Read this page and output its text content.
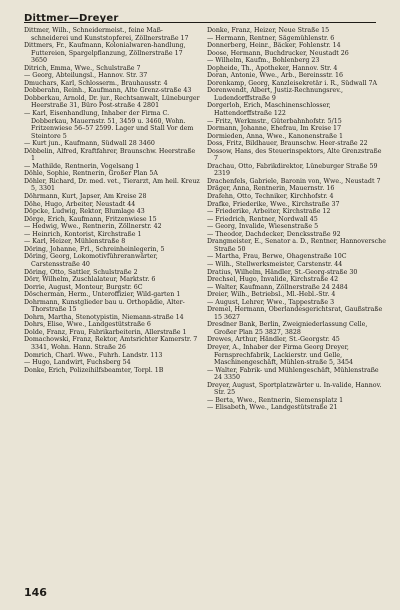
Dittmer—Dreyer
Dittmer, Wilh., Schneidermeist., feine Maß-schneiderei und Kunststopferei, Zöllnerstraße 17
Dittmers, Fr., Kaufmann, Kolonialwaren-handlung, Futtereien, Spargelpflanzung, Zöllnerstraße 17 3650
Ditrich, Emma, Wwe., Schulstraße 7
— Georg, Abteilungsl., Hannov. Str. 37
Dmuchars, Karl, Schlosserm., Brauhausstr. 4
Dobberahn, Reinh., Kaufmann, Alte Grenz-straße 43
Dobberkau, Arnold, Dr. jur., Rechtsanwalt, Lüneburger Heerstraße 31, Büro Post-straße 4 2801
— Karl, Eisenhandlung, Inhaber der Firma C. Dobberkau, Mauernstr. 51, 3459 u. 3460, Wohn. Fritzenwiese 56–57 2599. Lager und Stall Vor dem Steintore 5
— Kurt jun., Kaufmann, Südwall 28 3460
Döbbelin, Alfred, Kraftfahrer, Braunschw. Heerstraße 1
— Mathilde, Rentnerin, Vogelsang 1
Döhle, Sophie, Rentnerin, Großer Plan 5A
Döhler, Richard, Dr. med. vet., Tierarzt, Am heil. Kreuz 5, 3301
Döhrmann, Kurt, Japser, Am Kreise 28
Döhe, Hugo, Arbeiter, Neustadt 44
Döpcke, Ludwig, Rektor, Blumlage 43
Dörge, Erich, Kaufmann, Fritzenwiese 15
— Hedwig, Wwe., Rentnerin, Zöllnerstr. 42
— Heinrich, Kontorist, Kirchstraße 1
— Karl, Heizer, Mühlenstraße 8
Döring, Johanne, Frl., Schreinheinlegerin, 5
Döring, Georg, Lokomotivführeranwärter, Carstensstraße 40
Döring, Otto, Sattler, Schulstraße 2
Dörr, Wilhelm, Zuschlalateur, Marktstr. 6
Dorrie, August, Monteur, Burgstr. 6C
Döscherman, Herm., Unteroffizier, Wild-garten 1
Dohrmann, Kunstglieder bau u. Orthopädie, Alter-Thorstraße 15
Dohrn, Martha, Stenotypistin, Niemann-straße 14
Dohrs, Elise, Wwe., Landgestütstraße 6
Dolde, Franz, Frau, Fabrikarbeiterin, Allerstraße 1
Domachowski, Franz, Rektor, Amtsrichter Kamerstr. 7 3341, Wohn. Hann. Straße 26
Domrich, Charl. Wwe., Fuhrh. Landstr. 113
— Hugo, Landwirt, Fuchsberg 54
Donke, Erich, Polizeihilfsbeamter, Torpl. 1B
Donke, Franz, Heizer, Neue Straße 15
— Hermann, Rentner, Sägemühlenstr. 6
Donnerberg, Heinr., Bäcker, Fohlenstr. 14
Doose, Hermann, Buchdrucker, Neustadt 26
— Wilhelm, Kaufm., Bohlenberg 23
Dopheide, Th., Apotheker, Hannov. Str. 4
Doran, Antonie, Wwe., Arb., Bereinsstr. 16
Dorenkamp, Georg, Kanzleisekretär i. R., Südwall 7A
Dorenwendt, Albert, Justiz-Rechnungsrev., Ludendorffstraße 9
Dorgerloh, Erich, Maschinenschlosser, Hattendorffstraße 122
— Fritz, Werkmstr., Güterbahnhofstr. 5/15
Dormann, Johanne, Ehefrau, Im Kreise 17
Dormieden, Anna, Wwe., Kanonenstraße 1
Doss, Fritz, Bildhauer, Braunschw. Heer-straße 22
Dossow, Hans, des Steuerinspektors, Alte Grenzstraße 7
Drachau, Otto, Fabrikdirektor, Lüneburger Straße 59 2319
Drachenfels, Gabriele, Baronin von, Wwe., Neustadt 7
Dräger, Anna, Rentnerin, Mauernstr. 16
Drafehn, Otto, Techniker, Kirchhofstr. 4
Drafke, Friederike, Wwe., Kirchstraße 37
— Friederike, Arbeiter, Kirchstraße 12
— Friedrich, Rentner, Nordwall 45
— Georg, Invalide, Wiesenstraße 5
— Theodor, Dachdecker, Dencksstraße 92
Drangmeister, E., Senator a. D., Rentner, Hannoversche Straße 50
— Martha, Frau, Berwe, Ohagenstraße 10C
— Wilh., Stellwerksmeister, Carstenstr. 44
Dratius, Wilhelm, Händler, St.-Georg-straße 30
Drechsel, Hugo, Invalide, Kirchstraße 42
— Walter, Kaufmann, Zöllnerstraße 24 2484
Dreier, Wilh., Betriebsl., Ml.-Hebl.-Str. 4
— August, Lehrer, Wwe., Tappestraße 3
Dremel, Hermann, Oberlandesgerichtsrat, Gaußstraße 15 3627
Dresdner Bank, Berlin, Zweigniederlassung Celle, Großer Plan 25 3827, 3828
Drewes, Arthur, Händler, St.-Georgstr. 45
Dreyer, A., Inhaber der Firma Georg Dreyer, Fernsprechfabrik, Lackierstr. und Gelle, Maschinengeschäft, Mühlen-straße 5, 3454
— Walter, Fabrik- und Mühlengeschäft, Mühlenstraße 24 3350
Dreyer, August, Sportplatzwärter u. In-valide, Hannov. Str. 25
— Berta, Wwe., Rentnerin, Siemensplatz 1
— Elisabeth, Wwe., Landgestütstraße 21
146
